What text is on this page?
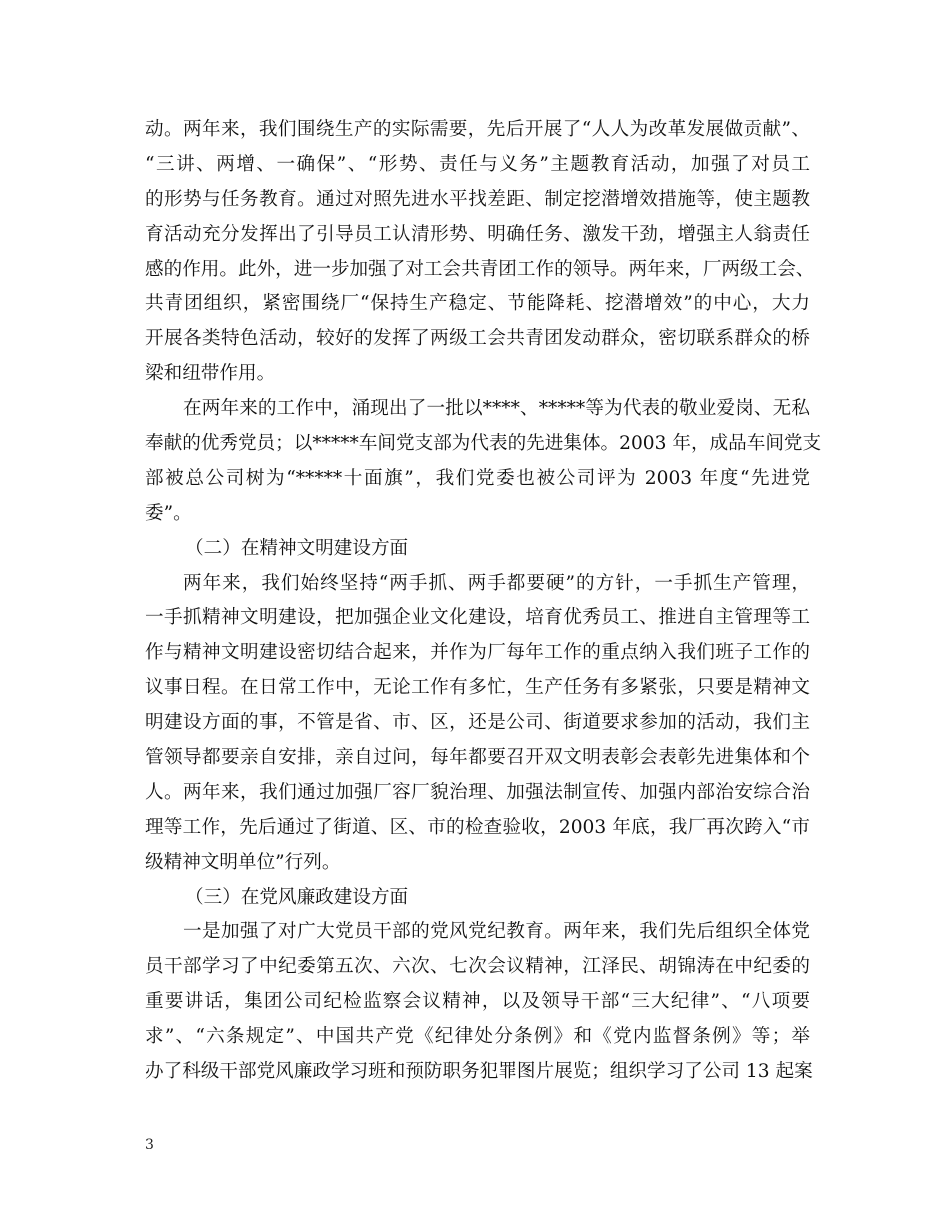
动。两年来，我们围绕生产的实际需要，先后开展了“人人为改革发展做贡献”、
“三讲、两增、一确保”、“形势、责任与义务”主题教育活动，加强了对员工
的形势与任务教育。通过对照先进水平找差距、制定挖潜增效措施等，使主题教
育活动充分发挥出了引导员工认清形势、明确任务、激发干劲，增强主人翁责任
感的作用。此外，进一步加强了对工会共青团工作的领导。两年来，厂两级工会、
共青团组织，紧密围绕厂“保持生产稳定、节能降耗、挖潜增效”的中心，大力
开展各类特色活动，较好的发挥了两级工会共青团发动群众，密切联系群众的桥
梁和纽带作用。
在两年来的工作中，涌现出了一批以****、*****等为代表的敬业爱岗、无私
奉献的优秀党员；以*****车间党支部为代表的先进集体。2003 年，成品车间党支
部被总公司树为“*****十面旗”，我们党委也被公司评为 2003 年度“先进党
委”。
（二）在精神文明建设方面
两年来，我们始终坚持“两手抓、两手都要硬”的方针，一手抓生产管理，
一手抓精神文明建设，把加强企业文化建设，培育优秀员工、推进自主管理等工
作与精神文明建设密切结合起来，并作为厂每年工作的重点纳入我们班子工作的
议事日程。在日常工作中，无论工作有多忙，生产任务有多紧张，只要是精神文
明建设方面的事，不管是省、市、区，还是公司、街道要求参加的活动，我们主
管领导都要亲自安排，亲自过问，每年都要召开双文明表彰会表彰先进集体和个
人。两年来，我们通过加强厂容厂貌治理、加强法制宣传、加强内部治安综合治
理等工作，先后通过了街道、区、市的检查验收，2003 年底，我厂再次跨入“市
级精神文明单位”行列。
（三）在党风廉政建设方面
一是加强了对广大党员干部的党风党纪教育。两年来，我们先后组织全体党
员干部学习了中纪委第五次、六次、七次会议精神，江泽民、胡锦涛在中纪委的
重要讲话，集团公司纪检监察会议精神，以及领导干部“三大纪律”、“八项要
求”、“六条规定”、中国共产党《纪律处分条例》和《党内监督条例》等；举
办了科级干部党风廉政学习班和预防职务犯罪图片展览；组织学习了公司 13 起案
3
